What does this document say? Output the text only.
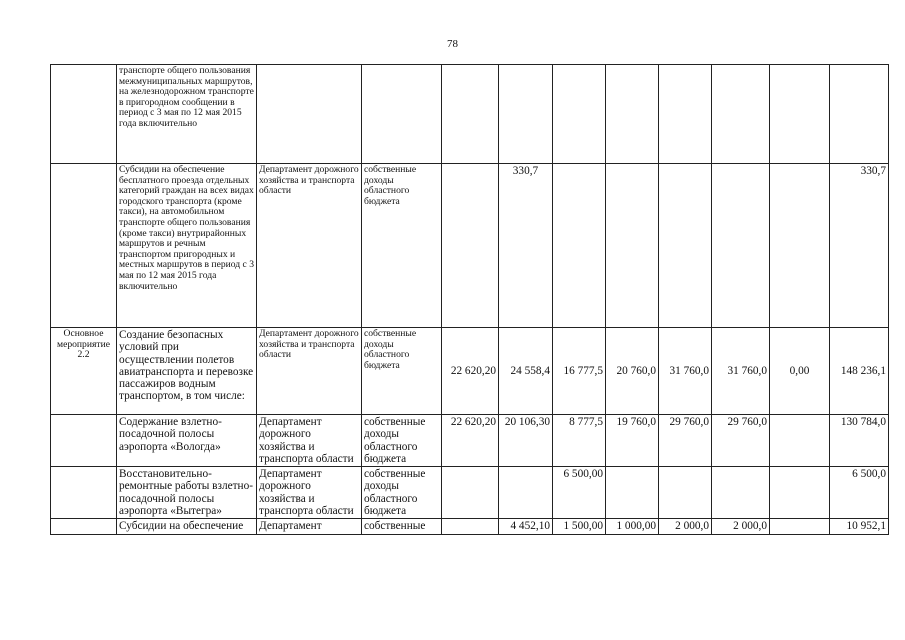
78
	транспорте общего пользования межмуниципальных маршрутов, на железнодорожном транспорте в пригородном сообщении в период с 3 мая по 12 мая 2015 года включительно										
	Субсидии на обеспечение бесплатного проезда отдельных категорий граждан на всех видах городского транспорта (кроме такси), на автомобильном транспорте общего пользования (кроме такси) внутрирайонных маршрутов и речным транспортом пригородных и местных маршрутов в период с 3 мая по 12 мая 2015 года включительно	Департамент дорожного хозяйства и транспорта области	собственные доходы областного бюджета		330,7						330,7
Основное мероприятие 2.2	Создание безопасных условий при осуществлении полетов авиатранспорта и перевозке пассажиров водным транспортом, в том числе:	Департамент дорожного хозяйства и транспорта области	собственные доходы областного бюджета	22 620,20	24 558,4	16 777,5	20 760,0	31 760,0	31 760,0	0,00	148 236,1
	Содержание взлетно-посадочной полосы аэропорта «Вологда»	Департамент дорожного хозяйства и транспорта области	собственные доходы областного бюджета	22 620,20	20 106,30	8 777,5	19 760,0	29 760,0	29 760,0		130 784,0
	Восстановительно-ремонтные работы взлетно-посадочной полосы аэропорта «Вытегра»	Департамент дорожного хозяйства и транспорта области	собственные доходы областного бюджета			6 500,00					6 500,0
	Субсидии на обеспечение	Департамент	собственные		4 452,10	1 500,00	1 000,00	2 000,0	2 000,0		10 952,1
